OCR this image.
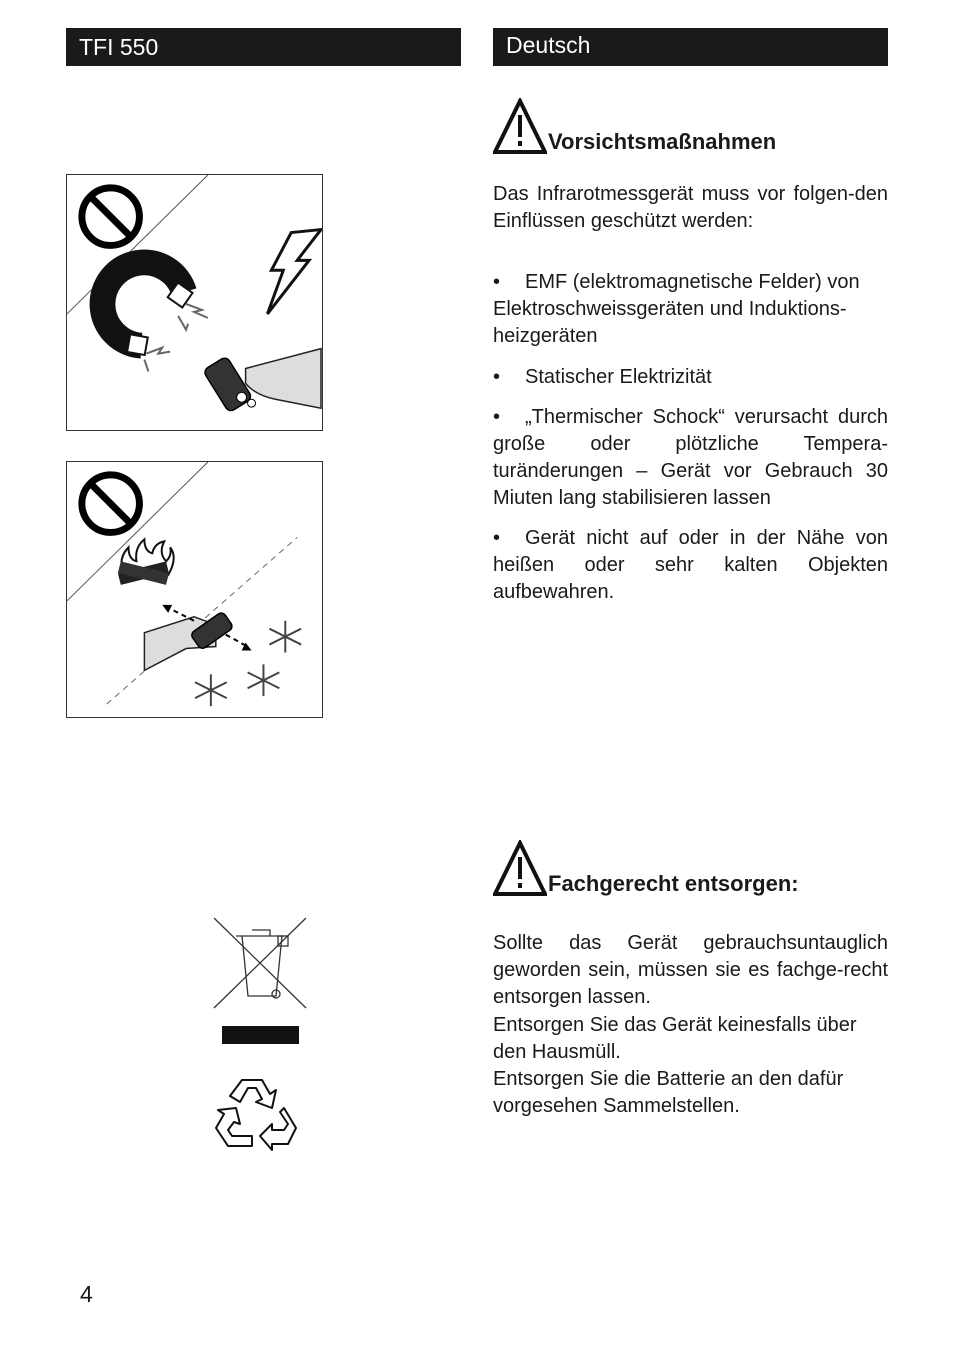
TFI 550	Deutsch
Vorsichtsmaßnahmen

Das Infrarotmessgerät muss vor folgen-den Einflüssen geschützt werden:

• EMF (elektromagnetische Felder) von Elektroschweissgeräten und Induktions-heizgeräten

• Statischer Elektrizität

• „Thermischer Schock“ verursacht durch große oder plötzliche Tempera-turänderungen – Gerät vor Gebrauch 30 Miuten lang stabilisieren lassen

• Gerät nicht auf oder in der Nähe von heißen oder sehr kalten Objekten aufbewahren.

Fachgerecht entsorgen:

Sollte das Gerät gebrauchsuntauglich geworden sein, müssen sie es fachge-recht entsorgen lassen.

Entsorgen Sie das Gerät keinesfalls über den Hausmüll.

Entsorgen Sie die Batterie an den dafür vorgesehen Sammelstellen.

4
